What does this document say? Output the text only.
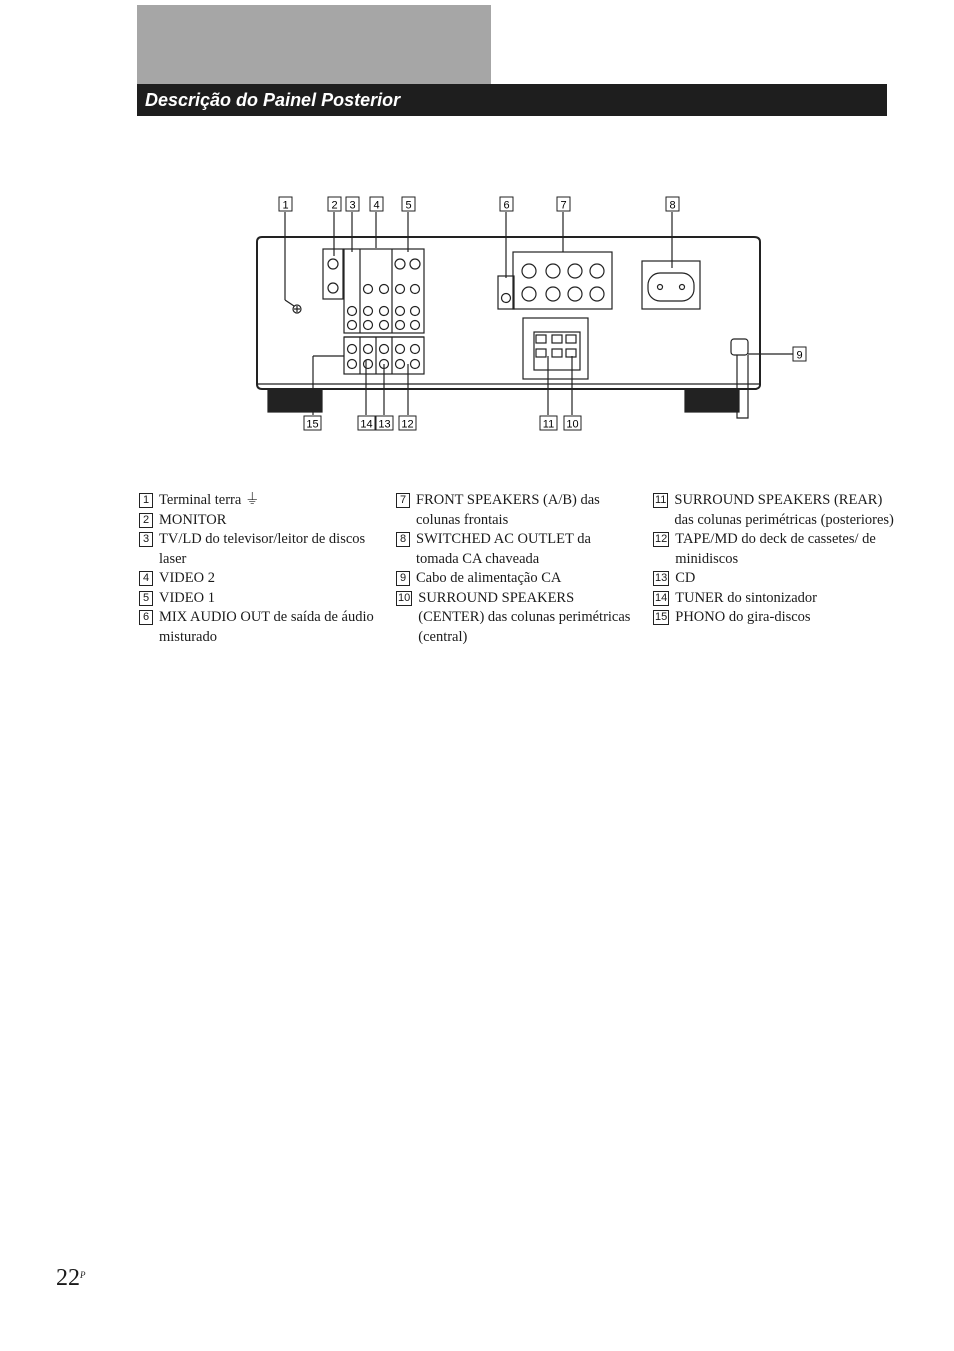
Descrição do Painel Posterior
1	2 3 4 5	6	7	8
9
15	14 13 12	11 10
1 Terminal terra ⏚
2 MONITOR
3 TV/LD do televisor/leitor de discos laser
4 VIDEO 2
5 VIDEO 1
6 MIX AUDIO OUT de saída de áudio misturado
7 FRONT SPEAKERS (A/B) das colunas frontais
8 SWITCHED AC OUTLET da tomada CA chaveada
9 Cabo de alimentação CA
10 SURROUND SPEAKERS (CENTER) das colunas perimétricas (central)
11 SURROUND SPEAKERS (REAR) das colunas perimétricas (posteriores)
12 TAPE/MD do deck de cassetes/ de minidiscos
13 CD
14 TUNER do sintonizador
15 PHONO do gira-discos
$22^P$
